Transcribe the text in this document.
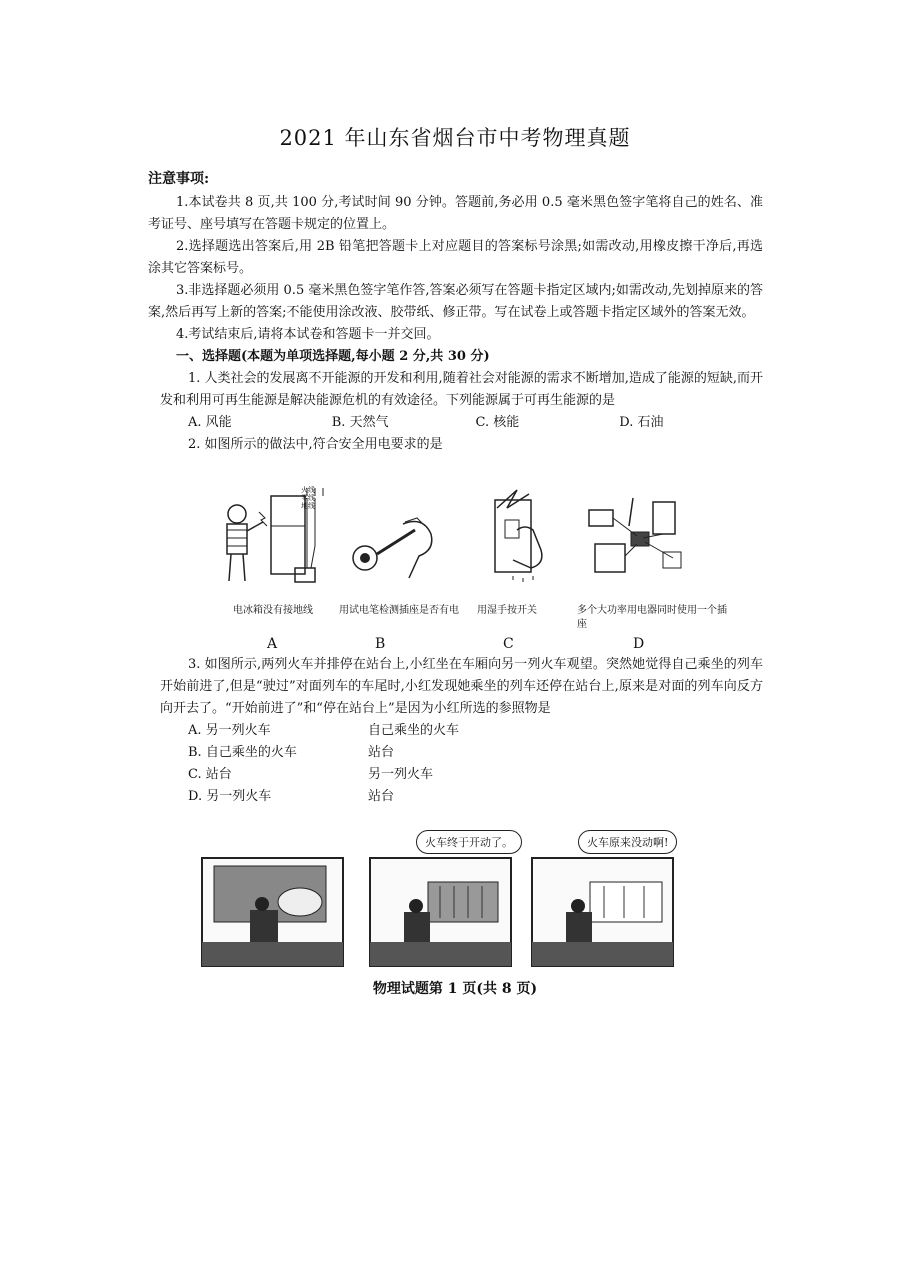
2021 年山东省烟台市中考物理真题
注意事项:

1.本试卷共 8 页,共 100 分,考试时间 90 分钟。答题前,务必用 0.5 毫米黑色签字笔将自己的姓名、准考证号、座号填写在答题卡规定的位置上。

2.选择题选出答案后,用 2B 铅笔把答题卡上对应题目的答案标号涂黑;如需改动,用橡皮擦干净后,再选涂其它答案标号。

3.非选择题必须用 0.5 毫米黑色签字笔作答,答案必须写在答题卡指定区域内;如需改动,先划掉原来的答案,然后再写上新的答案;不能使用涂改液、胶带纸、修正带。写在试卷上或答题卡指定区域外的答案无效。

4.考试结束后,请将本试卷和答题卡一并交回。

一、选择题(本题为单项选择题,每小题 2 分,共 30 分)

1. 人类社会的发展离不开能源的开发和利用,随着社会对能源的需求不断增加,造成了能源的短缺,而开发和利用可再生能源是解决能源危机的有效途径。下列能源属于可再生能源的是

A. 风能	B. 天然气	C. 核能	D. 石油

2. 如图所示的做法中,符合安全用电要求的是

火线
零线
地线
电冰箱没有接地线
A
用试电笔检测插座是否有电
B
用湿手按开关
C
多个大功率用电器同时使用一个插座
D

3. 如图所示,两列火车并排停在站台上,小红坐在车厢向另一列火车观望。突然她觉得自己乘坐的列车开始前进了,但是“驶过”对面列车的车尾时,小红发现她乘坐的列车还停在站台上,原来是对面的列车向反方向开去了。“开始前进了”和“停在站台上”是因为小红所选的参照物是

A. 另一列火车	自己乘坐的火车
B. 自己乘坐的火车	站台
C. 站台	另一列火车
D. 另一列火车	站台
火车终于开动了。	火车原来没动啊!
物理试题第 1 页(共 8 页)
